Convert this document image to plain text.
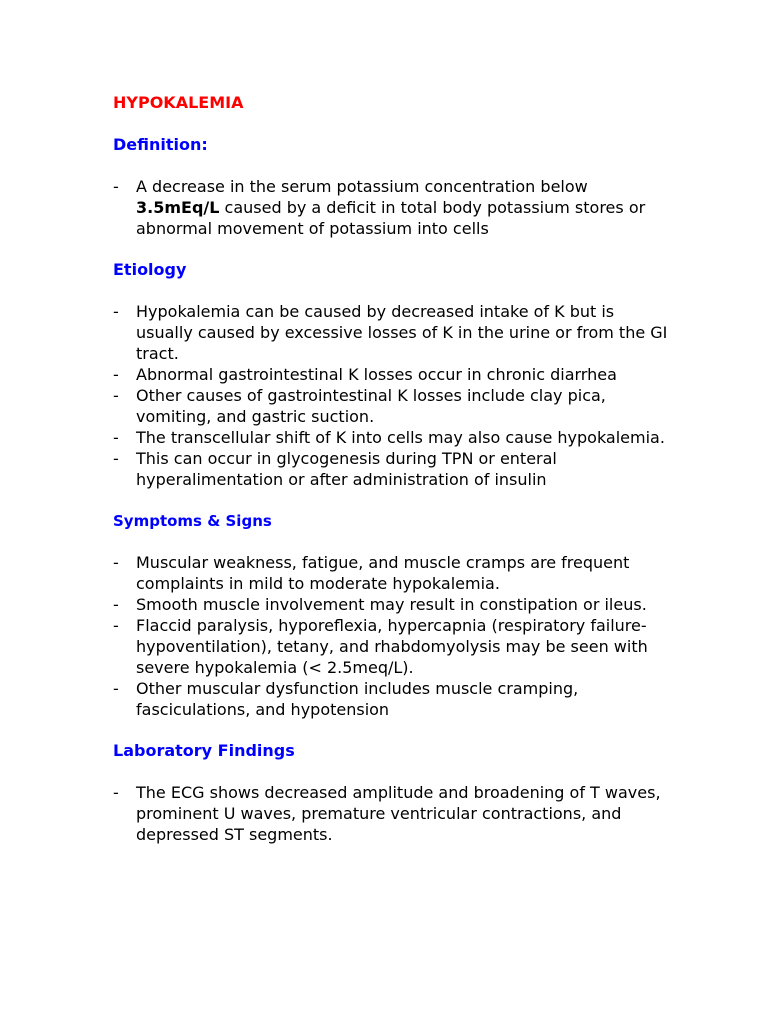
HYPOKALEMIA
Definition:
- A decrease in the serum potassium concentration below 3.5mEq/L caused by a deficit in total body potassium stores or abnormal movement of potassium into cells
Etiology
- Hypokalemia can be caused by decreased intake of K but is usually caused by excessive losses of K in the urine or from the GI tract.
- Abnormal gastrointestinal K losses occur in chronic diarrhea
- Other causes of gastrointestinal K losses include clay pica, vomiting, and gastric suction.
- The transcellular shift of K into cells may also cause hypokalemia.
- This can occur in glycogenesis during TPN or enteral hyperalimentation or after administration of insulin
Symptoms & Signs
- Muscular weakness, fatigue, and muscle cramps are frequent complaints in mild to moderate hypokalemia.
- Smooth muscle involvement may result in constipation or ileus.
- Flaccid paralysis, hyporeflexia, hypercapnia (respiratory failure-hypoventilation), tetany, and rhabdomyolysis may be seen with severe hypokalemia (< 2.5meq/L).
- Other muscular dysfunction includes muscle cramping, fasciculations, and hypotension
Laboratory Findings
- The ECG shows decreased amplitude and broadening of T waves, prominent U waves, premature ventricular contractions, and depressed ST segments.
